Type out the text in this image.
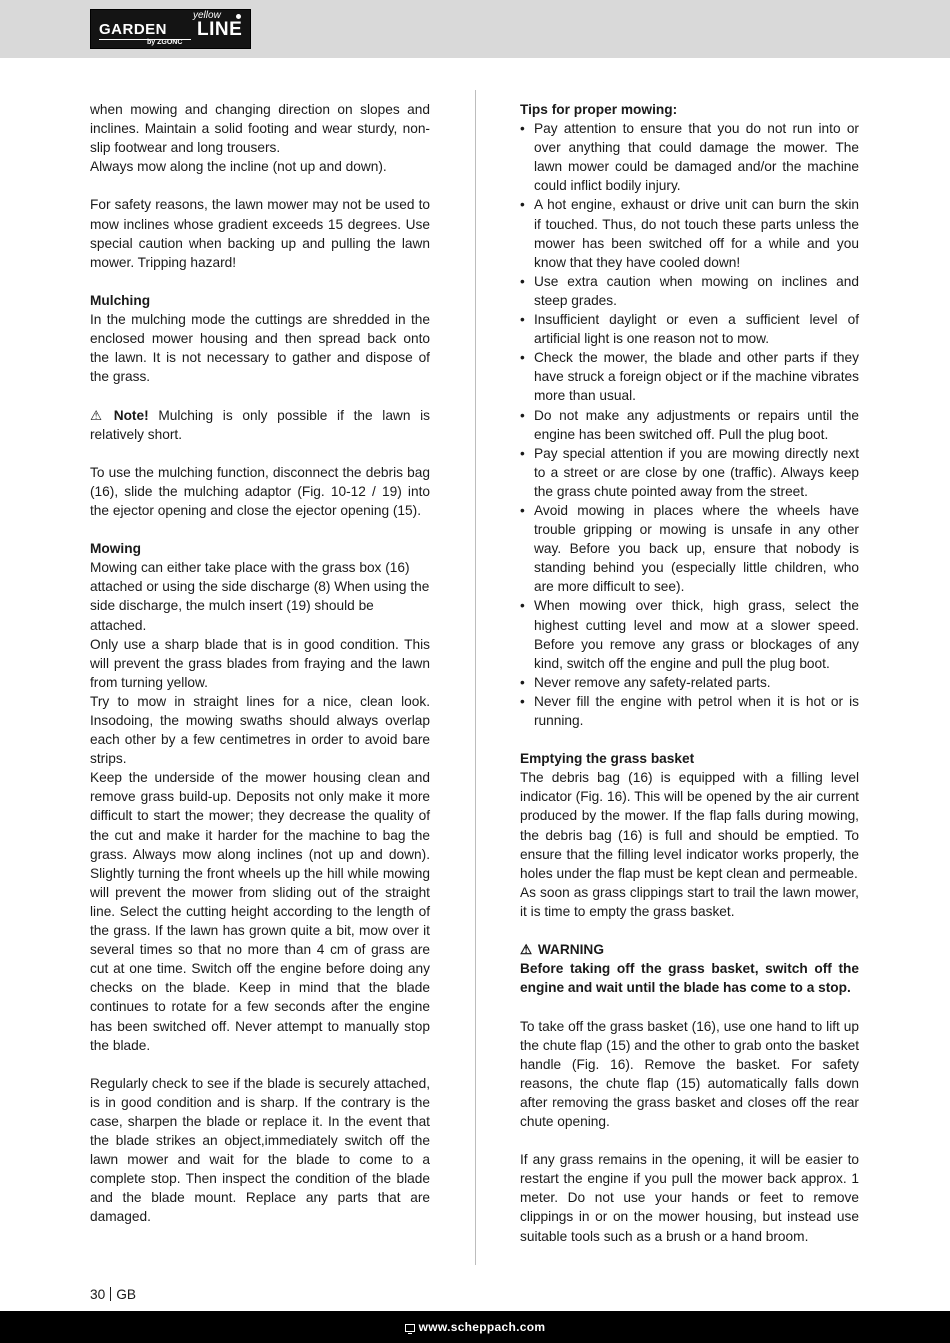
yellow
GARDEN LINE
by ZGONC

when mowing and changing direction on slopes and inclines. Maintain a solid footing and wear sturdy, non-slip footwear and long trousers.

Always mow along the incline (not up and down).

For safety reasons, the lawn mower may not be used to mow inclines whose gradient exceeds 15 degrees. Use special caution when backing up and pulling the lawn mower. Tripping hazard!

Mulching

In the mulching mode the cuttings are shredded in the enclosed mower housing and then spread back onto the lawn. It is not necessary to gather and dispose of the grass.

⚠ Note! Mulching is only possible if the lawn is relatively short.

To use the mulching function, disconnect the debris bag (16), slide the mulching adaptor (Fig. 10-12 / 19) into the ejector opening and close the ejector opening (15).

Mowing

Mowing can either take place with the grass box (16) attached or using the side discharge (8) When using the side discharge, the mulch insert (19) should be attached.

Only use a sharp blade that is in good condition. This will prevent the grass blades from fraying and the lawn from turning yellow.

Try to mow in straight lines for a nice, clean look. Insodoing, the mowing swaths should always overlap each other by a few centimetres in order to avoid bare strips.

Keep the underside of the mower housing clean and remove grass build-up. Deposits not only make it more difficult to start the mower; they decrease the quality of the cut and make it harder for the machine to bag the grass. Always mow along inclines (not up and down). Slightly turning the front wheels up the hill while mowing will prevent the mower from sliding out of the straight line. Select the cutting height according to the length of the grass. If the lawn has grown quite a bit, mow over it several times so that no more than 4 cm of grass are cut at one time. Switch off the engine before doing any checks on the blade. Keep in mind that the blade continues to rotate for a few seconds after the engine has been switched off. Never attempt to manually stop the blade.

Regularly check to see if the blade is securely attached, is in good condition and is sharp. If the contrary is the case, sharpen the blade or replace it. In the event that the blade strikes an object,immediately switch off the lawn mower and wait for the blade to come to a complete stop. Then inspect the condition of the blade and the blade mount. Replace any parts that are damaged.

Tips for proper mowing:

• Pay attention to ensure that you do not run into or over anything that could damage the mower. The lawn mower could be damaged and/or the machine could inflict bodily injury.
• A hot engine, exhaust or drive unit can burn the skin if touched. Thus, do not touch these parts unless the mower has been switched off for a while and you know that they have cooled down!
• Use extra caution when mowing on inclines and steep grades.
• Insufficient daylight or even a sufficient level of artificial light is one reason not to mow.
• Check the mower, the blade and other parts if they have struck a foreign object or if the machine vibrates more than usual.
• Do not make any adjustments or repairs until the engine has been switched off. Pull the plug boot.
• Pay special attention if you are mowing directly next to a street or are close by one (traffic). Always keep the grass chute pointed away from the street.
• Avoid mowing in places where the wheels have trouble gripping or mowing is unsafe in any other way. Before you back up, ensure that nobody is standing behind you (especially little children, who are more difficult to see).
• When mowing over thick, high grass, select the highest cutting level and mow at a slower speed. Before you remove any grass or blockages of any kind, switch off the engine and pull the plug boot.
• Never remove any safety-related parts.
• Never fill the engine with petrol when it is hot or is running.

Emptying the grass basket

The debris bag (16) is equipped with a filling level indicator (Fig. 16). This will be opened by the air current produced by the mower. If the flap falls during mowing, the debris bag (16) is full and should be emptied. To ensure that the filling level indicator works properly, the holes under the flap must be kept clean and permeable.

As soon as grass clippings start to trail the lawn mower, it is time to empty the grass basket.

⚠ WARNING

Before taking off the grass basket, switch off the engine and wait until the blade has come to a stop.

To take off the grass basket (16), use one hand to lift up the chute flap (15) and the other to grab onto the basket handle (Fig. 16). Remove the basket. For safety reasons, the chute flap (15) automatically falls down after removing the grass basket and closes off the rear chute opening.

If any grass remains in the opening, it will be easier to restart the engine if you pull the mower back approx. 1 meter. Do not use your hands or feet to remove clippings in or on the mower housing, but instead use suitable tools such as a brush or a hand broom.

30 GB
www.scheppach.com
